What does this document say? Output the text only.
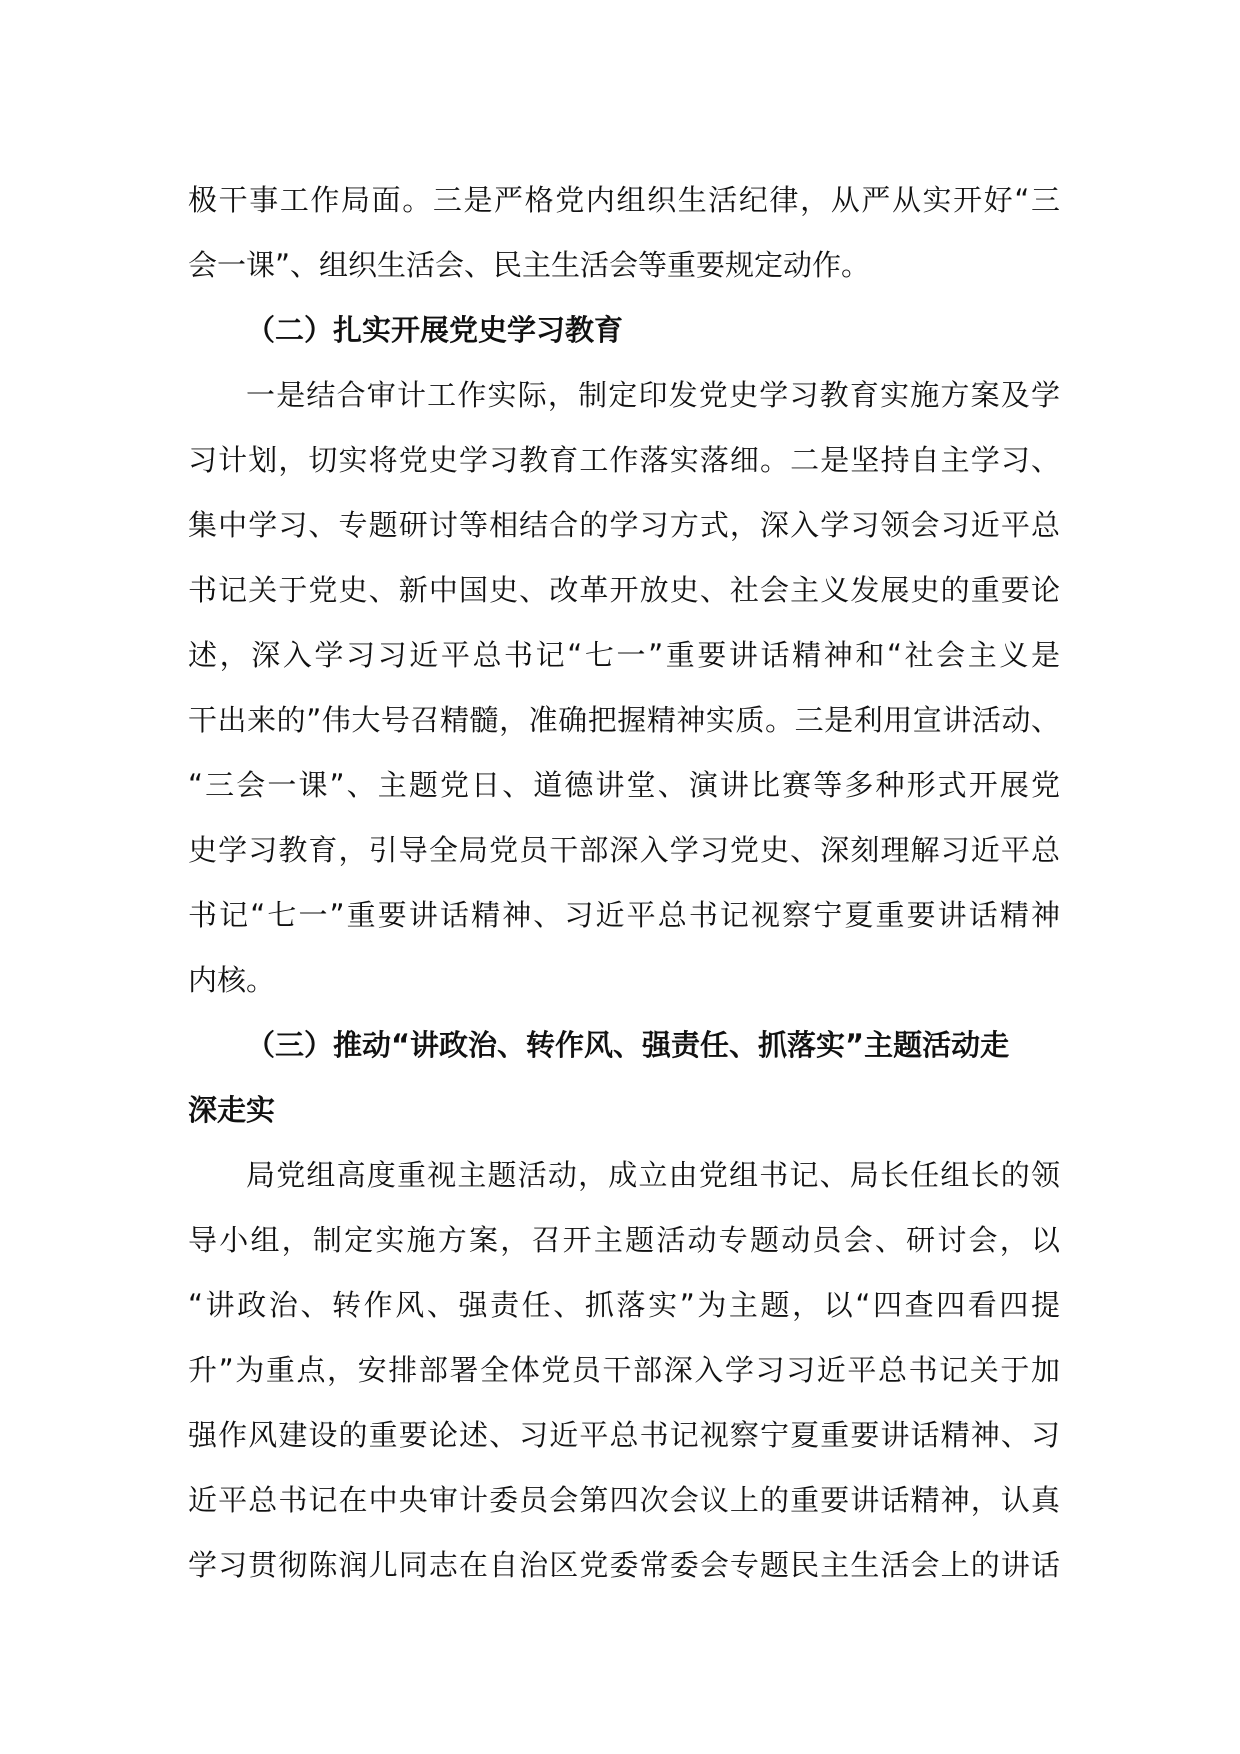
极干事工作局面。三是严格党内组织生活纪律，从严从实开好“三
会一课”、组织生活会、民主生活会等重要规定动作。
（二）扎实开展党史学习教育
一是结合审计工作实际，制定印发党史学习教育实施方案及学
习计划，切实将党史学习教育工作落实落细。二是坚持自主学习、
集中学习、专题研讨等相结合的学习方式，深入学习领会习近平总
书记关于党史、新中国史、改革开放史、社会主义发展史的重要论
述，深入学习习近平总书记“七一”重要讲话精神和“社会主义是
干出来的”伟大号召精髓，准确把握精神实质。三是利用宣讲活动、
“三会一课”、主题党日、道德讲堂、演讲比赛等多种形式开展党
史学习教育，引导全局党员干部深入学习党史、深刻理解习近平总
书记“七一”重要讲话精神、习近平总书记视察宁夏重要讲话精神
内核。
（三）推动“讲政治、转作风、强责任、抓落实”主题活动走
深走实
局党组高度重视主题活动，成立由党组书记、局长任组长的领
导小组，制定实施方案，召开主题活动专题动员会、研讨会，以
“讲政治、转作风、强责任、抓落实”为主题，以“四查四看四提
升”为重点，安排部署全体党员干部深入学习习近平总书记关于加
强作风建设的重要论述、习近平总书记视察宁夏重要讲话精神、习
近平总书记在中央审计委员会第四次会议上的重要讲话精神，认真
学习贯彻陈润儿同志在自治区党委常委会专题民主生活会上的讲话
